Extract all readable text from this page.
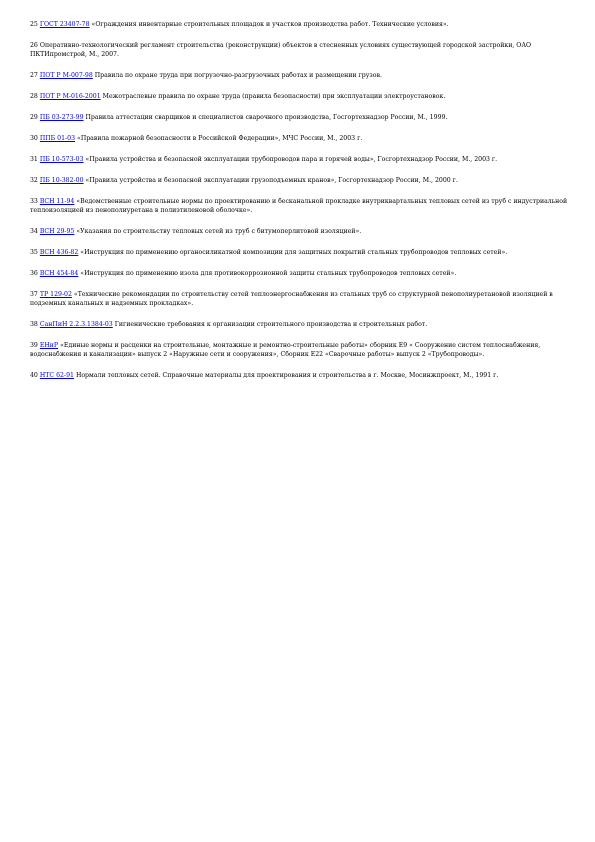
25 ГОСТ 23407-78 «Ограждения инвентарные строительных площадок и участков производства работ. Технические условия».
26 Оперативно-технологический регламент строительства (реконструкции) объектов в стесненных условиях существующей городской застройки, ОАО ПКТИпромстрой, М., 2007.
27 ПОТ Р М-007-98 Правила по охране труда при погрузочно-разгрузочных работах и размещении грузов.
28 ПОТ Р М-016-2001 Межотраслевые правила по охране труда (правила безопасности) при эксплуатации электроустановок.
29 ПБ 03-273-99 Правила аттестации сварщиков и специалистов сварочного производства, Госгортехнадзор России, М., 1999.
30 ППБ 01-03 «Правила пожарной безопасности в Российской Федерации», МЧС России, М., 2003 г.
31 ПБ 10-573-03 «Правила устройства и безопасной эксплуатации трубопроводов пара и горячей воды», Госгортехнадзор России, М., 2003 г.
32 ПБ 10-382-00 «Правила устройства и безопасной эксплуатации грузоподъемных кранов», Госгортехнадзор России, М., 2000 г.
33 ВСН 11-94 «Ведомственные строительные нормы по проектированию и бесканальной прокладке внутриквартальных тепловых сетей из труб с индустриальной теплоизоляцией из пенополиуретана в полиэтиленовой оболочке».
34 ВСН 29-95 «Указания по строительству тепловых сетей из труб с битумоперлитовой изоляцией».
35 ВСН 436-82 «Инструкция по применению органосиликатной композиции для защитных покрытий стальных трубопроводов тепловых сетей».
36 ВСН 454-84 «Инструкция по применению изола для противокоррозионной защиты стальных трубопроводов тепловых сетей».
37 ТР 129-02 «Технические рекомендации по строительству сетей теплоэнергоснабжения из стальных труб со структурной пенополиуретановой изоляцией в подземных канальных и надземных прокладках».
38 СанПиН 2.2.3.1384-03 Гигиенические требования к организации строительного производства и строительных работ.
39 ЕНиР «Единые нормы и расценки на строительные, монтажные и ремонтно-строительные работы» сборник Е9 « Сооружение систем теплоснабжения, водоснабжения и канализации» выпуск 2 «Наружные сети и сооружения», Сборник Е22 «Сварочные работы» выпуск 2 «Трубопроводы».
40 НТС 62-91 Нормали тепловых сетей. Справочные материалы для проектирования и строительства в г. Москве, Мосинжпроект, М., 1991 г.
